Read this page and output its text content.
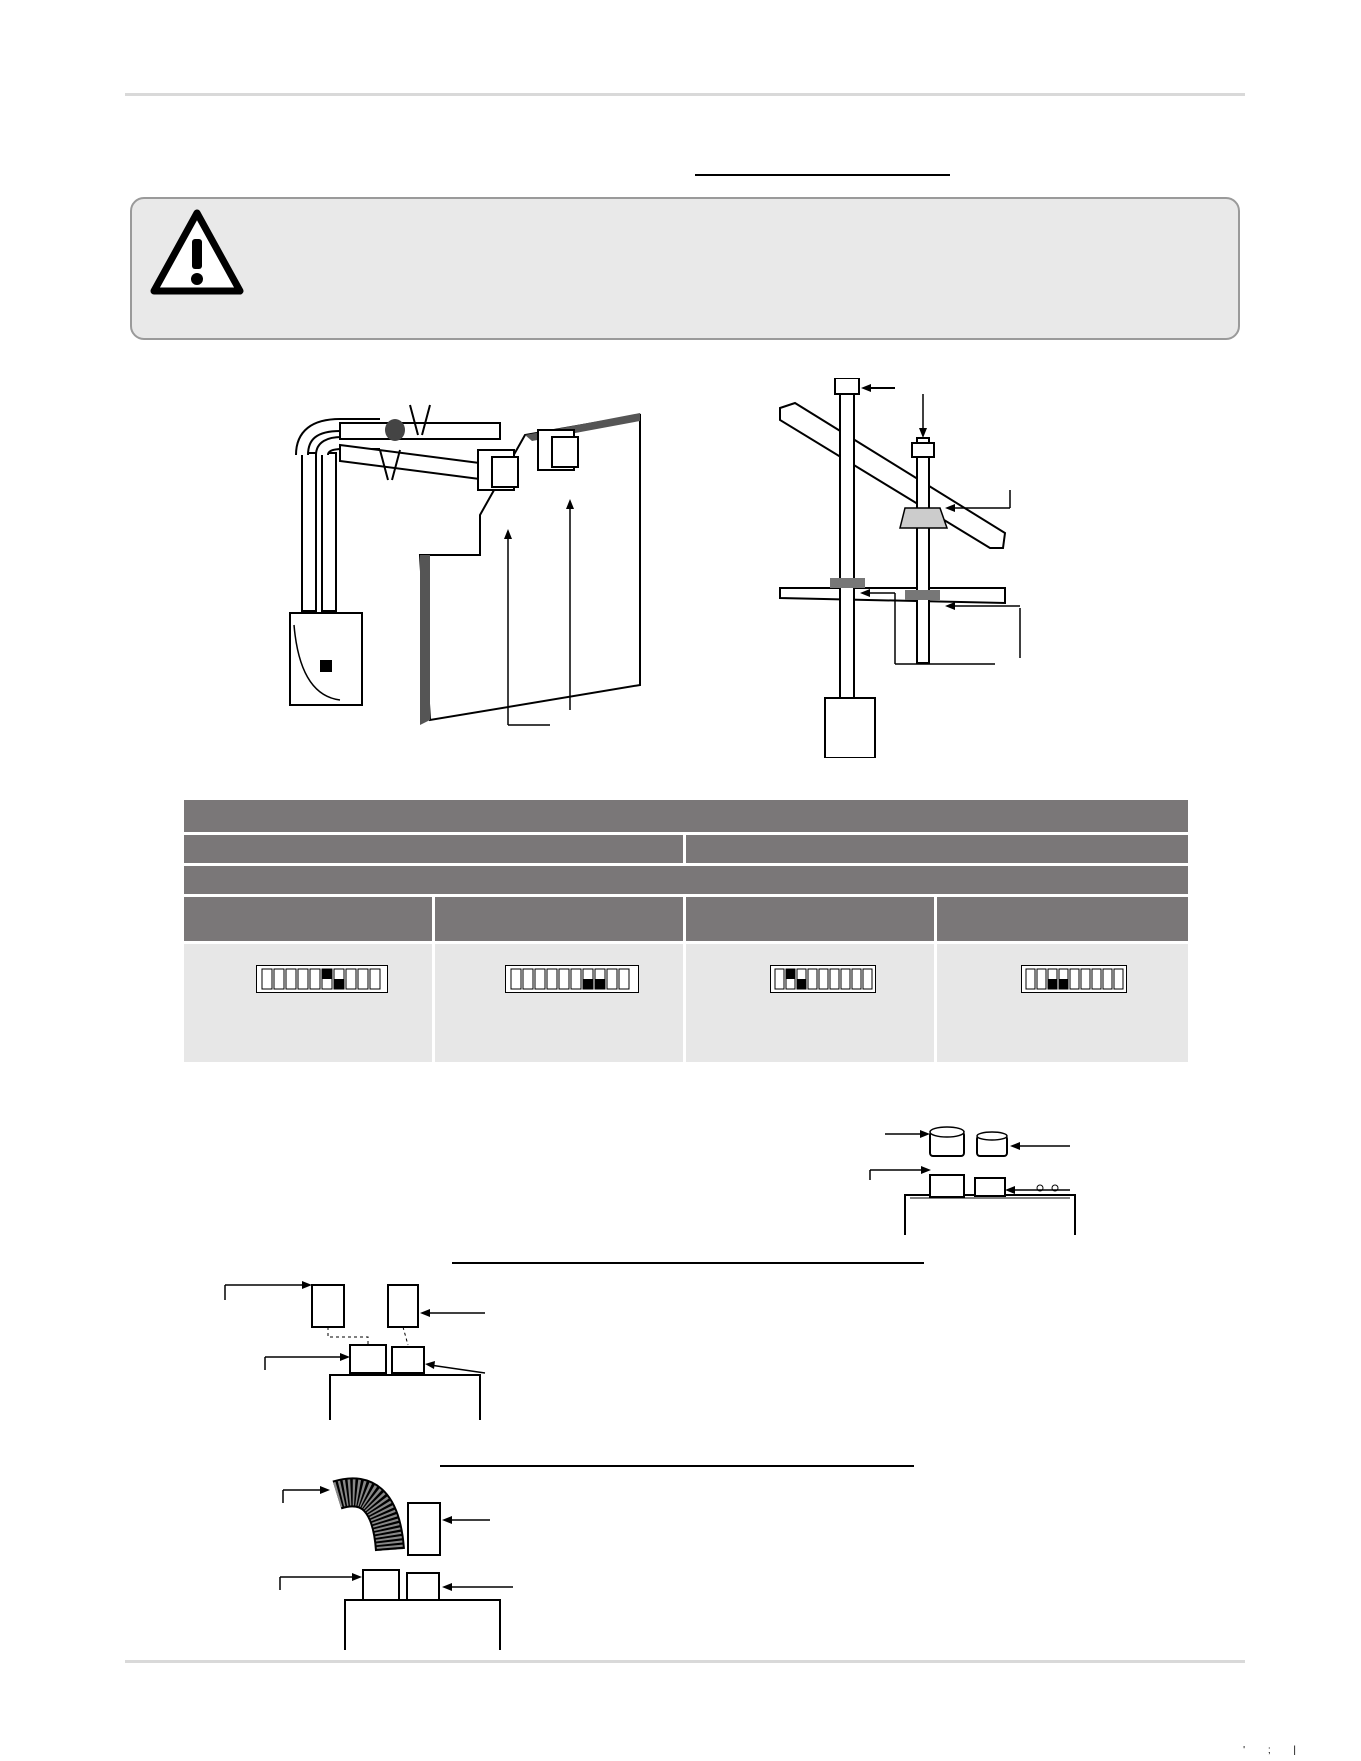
' ; |
